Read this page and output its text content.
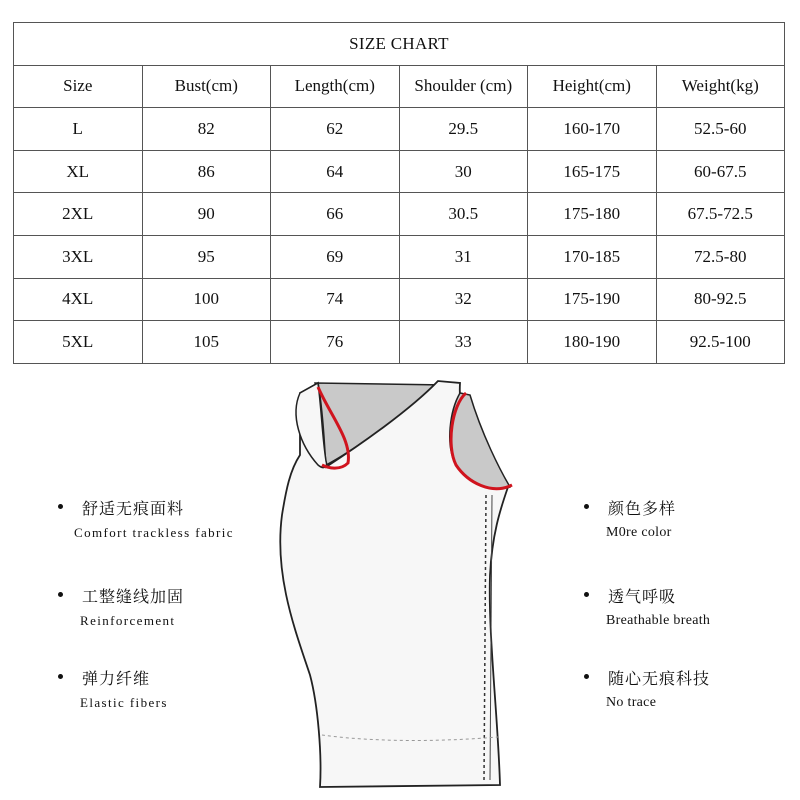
SIZE CHART					
Size	Bust(cm)	Length(cm)	Shoulder (cm)	Height(cm)	Weight(kg)
L	82	62	29.5	160-170	52.5-60
XL	86	64	30	165-175	60-67.5
2XL	90	66	30.5	175-180	67.5-72.5
3XL	95	69	31	170-185	72.5-80
4XL	100	74	32	175-190	80-92.5
5XL	105	76	33	180-190	92.5-100
舒适无痕面料
Comfort trackless fabric
工整缝线加固
Reinforcement
弹力纤维
Elastic fibers
颜色多样
M0re color
透气呼吸
Breathable breath
随心无痕科技
No trace
